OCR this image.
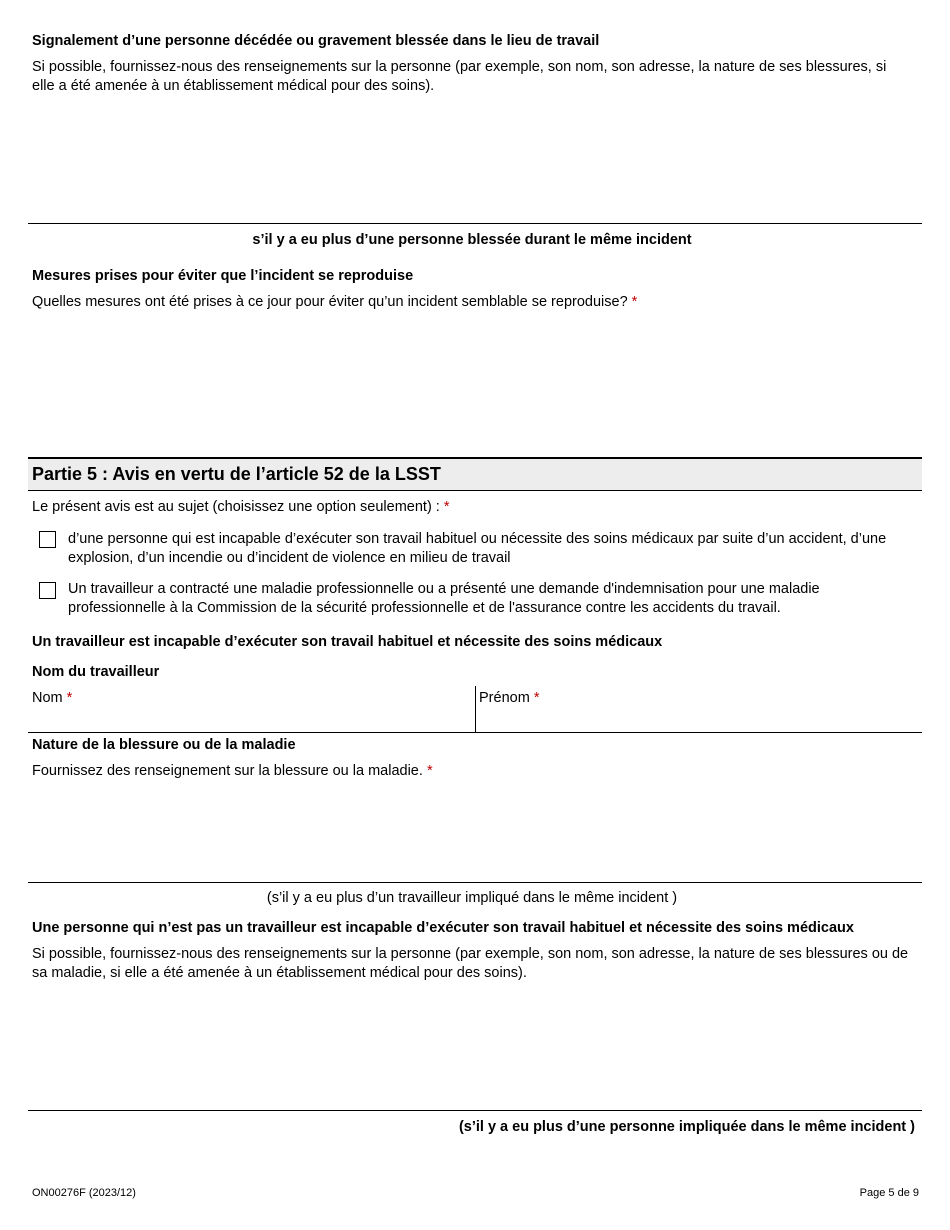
Signalement d’une personne décédée ou gravement blessée dans le lieu de travail
Si possible, fournissez-nous des renseignements sur la personne (par exemple, son nom, son adresse, la nature de ses blessures, si elle a été amenée à un établissement médical pour des soins).
s’il y a eu plus d’une personne blessée durant le même incident
Mesures prises pour éviter que l’incident se reproduise
Quelles mesures ont été prises à ce jour pour éviter qu’un incident semblable se reproduise? *
Partie 5 : Avis en vertu de l’article 52 de la LSST
Le présent avis est au sujet (choisissez une option seulement) : *
d’une personne qui est incapable d’exécuter son travail habituel ou nécessite des soins médicaux par suite d’un accident, d’une explosion, d’un incendie ou d’incident de violence en milieu de travail
Un travailleur a contracté une maladie professionnelle ou a présenté une demande d'indemnisation pour une maladie professionnelle à la Commission de la sécurité professionnelle et de l'assurance contre les accidents du travail.
Un travailleur est incapable d’exécuter son travail habituel et nécessite des soins médicaux
Nom du travailleur
Nom *	Prénom *
Nature de la blessure ou de la maladie
Fournissez des renseignement sur la blessure ou la maladie. *
(s’il y a eu plus d’un travailleur impliqué dans le même incident )
Une personne qui n’est pas un travailleur est incapable d’exécuter son travail habituel et nécessite des soins médicaux
Si possible, fournissez-nous des renseignements sur la personne (par exemple, son nom, son adresse, la nature de ses blessures ou de sa maladie, si elle a été amenée à un établissement médical pour des soins).
(s’il y a eu plus d’une personne impliquée dans le même incident )
ON00276F (2023/12)	Page 5 de 9
